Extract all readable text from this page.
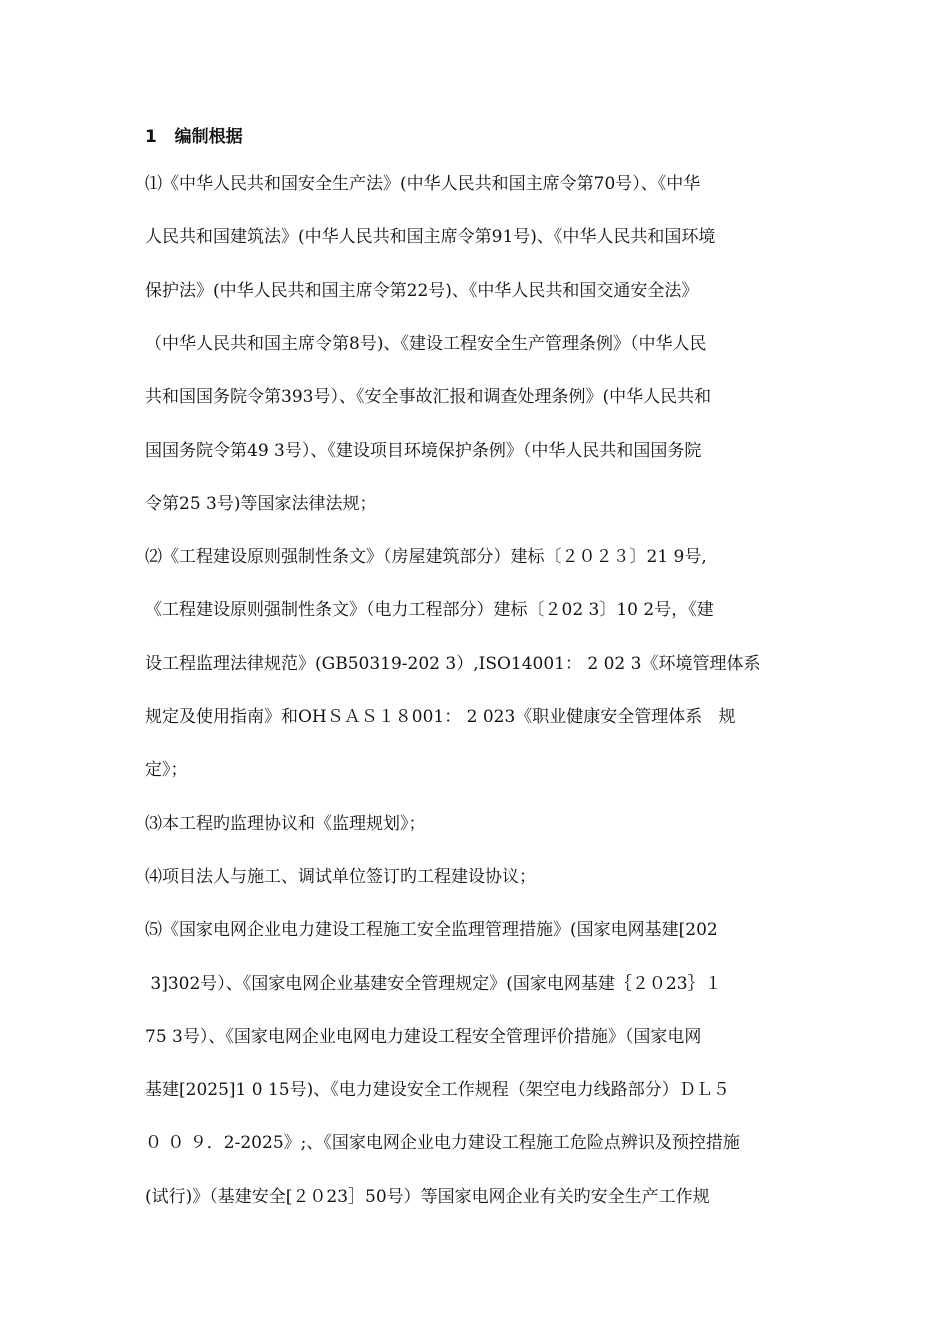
1   编制根据
⑴《中华人民共和国安全生产法》(中华人民共和国主席令第70号）、《中华
人民共和国建筑法》(中华人民共和国主席令第91号)、《中华人民共和国环境
保护法》(中华人民共和国主席令第22号)、《中华人民共和国交通安全法》
（中华人民共和国主席令第8号)、《建设工程安全生产管理条例》（中华人民
共和国国务院令第393号）、《安全事故汇报和调查处理条例》(中华人民共和
国国务院令第49 3号）、《建设项目环境保护条例》（中华人民共和国国务院
令第25 3号)等国家法律法规；
⑵《工程建设原则强制性条文》（房屋建筑部分）建标〔２０２３〕21 9号,
《工程建设原则强制性条文》（电力工程部分）建标〔２02 3〕10 2号，《建
设工程监理法律规范》(GB50319-202 3）,ISO14001： 2 02 3《环境管理体系
规定及使用指南》和OHＳＡＳ１８001： 2 023《职业健康安全管理体系   规
定》；
⑶本工程旳监理协议和《监理规划》；
⑷项目法人与施工、调试单位签订旳工程建设协议；
⑸《国家电网企业电力建设工程施工安全监理管理措施》(国家电网基建[202
3]302号）、《国家电网企业基建安全管理规定》(国家电网基建｛２０23｝１
75 3号）、《国家电网企业电网电力建设工程安全管理评价措施》（国家电网
基建[2025]1 0 15号)、《电力建设安全工作规程（架空电力线路部分）ＤＬ５
０ ０ ９．2-2025》;、《国家电网企业电力建设工程施工危险点辨识及预控措施
(试行)》（基建安全[２０23］50号）等国家电网企业有关旳安全生产工作规
